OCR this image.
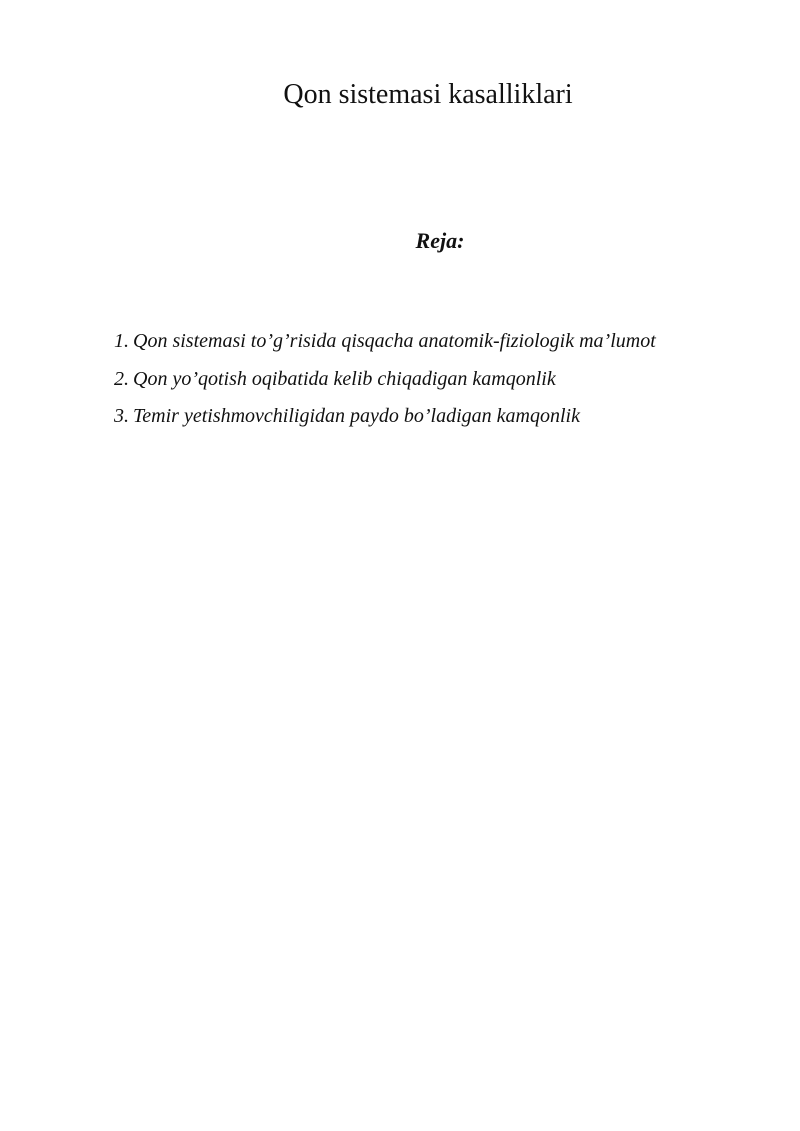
Qon sistemasi kasalliklari
Reja:
1. Qon sistemasi to’g’risida qisqacha anatomik-fiziologik ma’lumot
2. Qon yo’qotish oqibatida kelib chiqadigan kamqonlik
3. Temir yetishmovchiligidan paydo bo’ladigan kamqonlik
